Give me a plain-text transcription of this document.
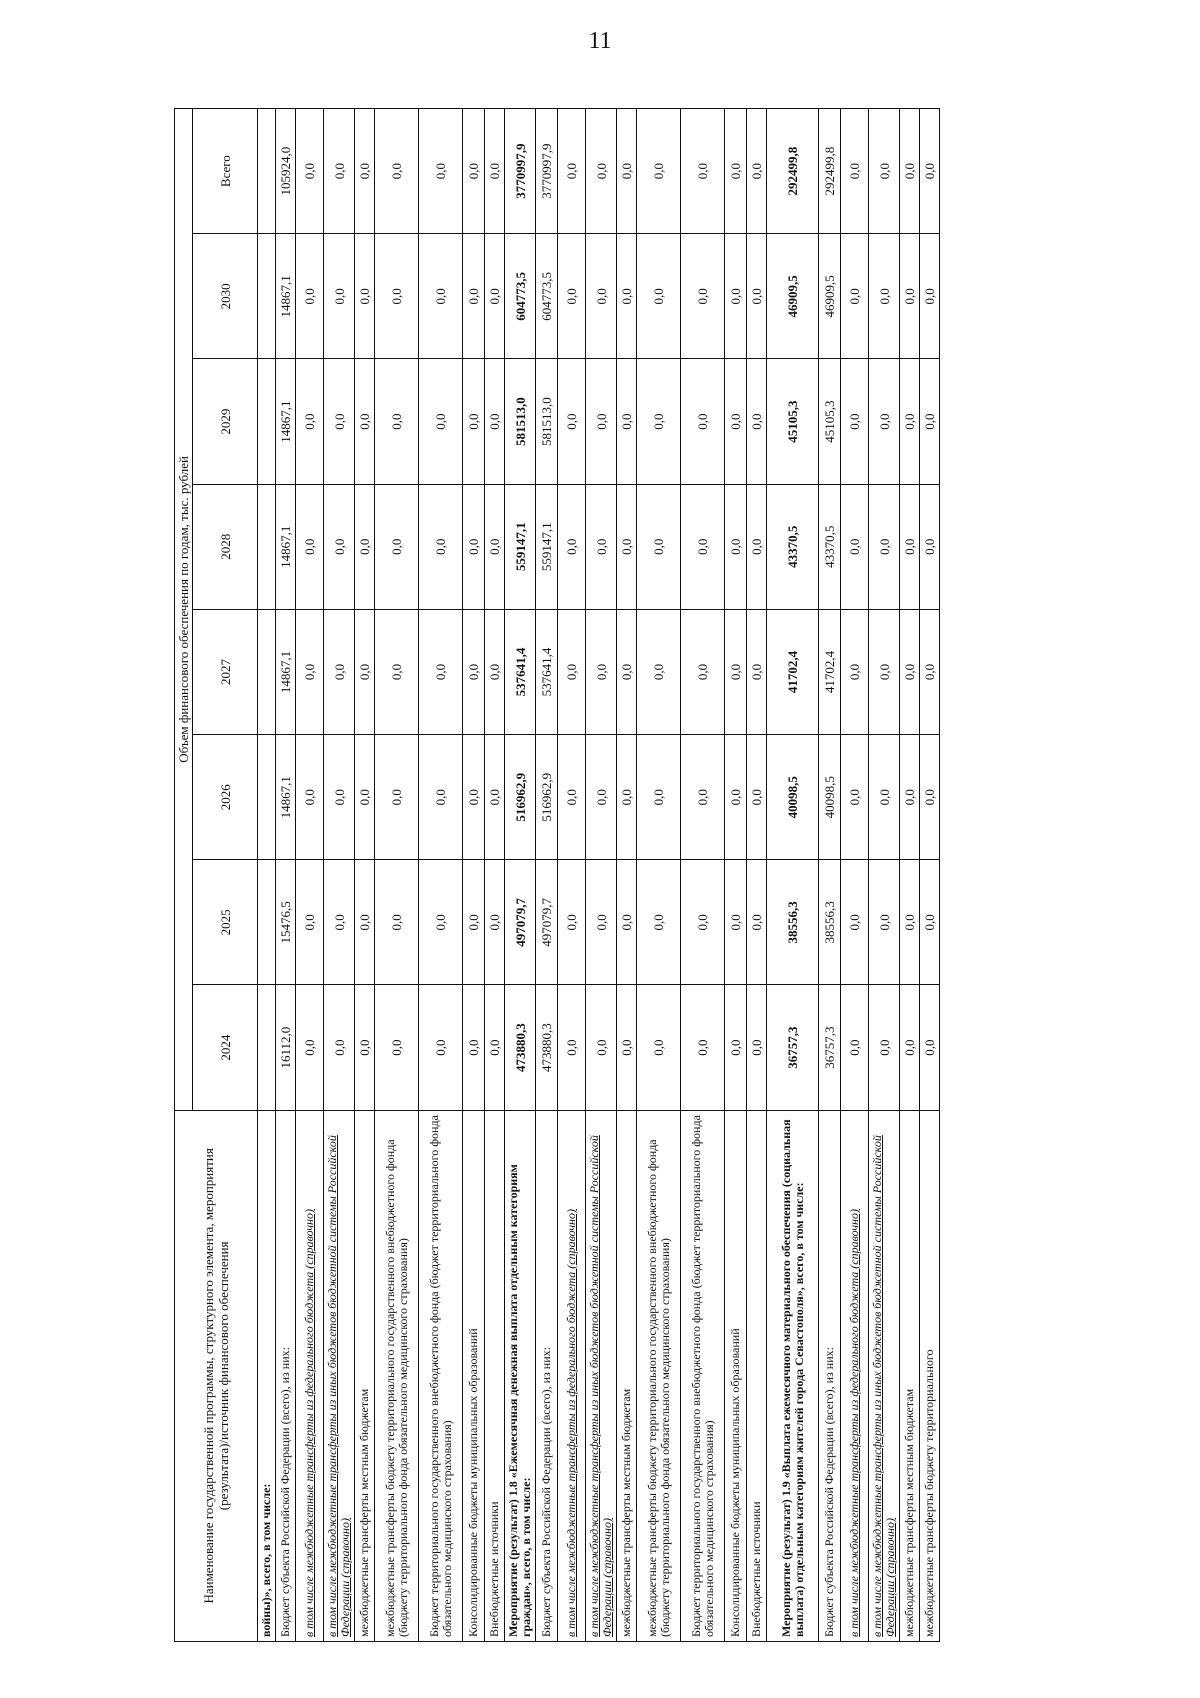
11
Наименование государственной программы, структурного элемента, мероприятия (результата)/источник финансового обеспечения	Объем финансового обеспечения по годам, тыс. рублей							
	2024	2025	2026	2027	2028	2029	2030	Всего
войны)», всего, в том числе:								
Бюджет субъекта Российской Федерации (всего), из них:	16112,0	15476,5	14867,1	14867,1	14867,1	14867,1	14867,1	105924,0
в том числе межбюджетные трансферты из федерального бюджета (справочно)	0,0	0,0	0,0	0,0	0,0	0,0	0,0	0,0
в том числе межбюджетные трансферты из иных бюджетов бюджетной системы Российской Федерации (справочно)	0,0	0,0	0,0	0,0	0,0	0,0	0,0	0,0
межбюджетные трансферты местным бюджетам	0,0	0,0	0,0	0,0	0,0	0,0	0,0	0,0
межбюджетные трансферты бюджету территориального государственного внебюджетного фонда (бюджету территориального фонда обязательного медицинского страхования)	0,0	0,0	0,0	0,0	0,0	0,0	0,0	0,0
Бюджет территориального государственного внебюджетного фонда (бюджет территориального фонда обязательного медицинского страхования)	0,0	0,0	0,0	0,0	0,0	0,0	0,0	0,0
Консолидированные бюджеты муниципальных образований	0,0	0,0	0,0	0,0	0,0	0,0	0,0	0,0
Внебюджетные источники	0,0	0,0	0,0	0,0	0,0	0,0	0,0	0,0
Мероприятие (результат) 1.8 «Ежемесячная денежная выплата отдельным категориям граждан», всего, в том числе:	473880,3	497079,7	516962,9	537641,4	559147,1	581513,0	604773,5	3770997,9
Бюджет субъекта Российской Федерации (всего), из них:	473880,3	497079,7	516962,9	537641,4	559147,1	581513,0	604773,5	3770997,9
в том числе межбюджетные трансферты из федерального бюджета (справочно)	0,0	0,0	0,0	0,0	0,0	0,0	0,0	0,0
в том числе межбюджетные трансферты из иных бюджетов бюджетной системы Российской Федерации (справочно)	0,0	0,0	0,0	0,0	0,0	0,0	0,0	0,0
межбюджетные трансферты местным бюджетам	0,0	0,0	0,0	0,0	0,0	0,0	0,0	0,0
межбюджетные трансферты бюджету территориального государственного внебюджетного фонда (бюджету территориального фонда обязательного медицинского страхования)	0,0	0,0	0,0	0,0	0,0	0,0	0,0	0,0
Бюджет территориального государственного внебюджетного фонда (бюджет территориального фонда обязательного медицинского страхования)	0,0	0,0	0,0	0,0	0,0	0,0	0,0	0,0
Консолидированные бюджеты муниципальных образований	0,0	0,0	0,0	0,0	0,0	0,0	0,0	0,0
Внебюджетные источники	0,0	0,0	0,0	0,0	0,0	0,0	0,0	0,0
Мероприятие (результат) 1.9 «Выплата ежемесячного материального обеспечения (социальная выплата) отдельным категориям жителей города Севастополя», всего, в том числе:	36757,3	38556,3	40098,5	41702,4	43370,5	45105,3	46909,5	292499,8
Бюджет субъекта Российской Федерации (всего), из них:	36757,3	38556,3	40098,5	41702,4	43370,5	45105,3	46909,5	292499,8
в том числе межбюджетные трансферты из федерального бюджета (справочно)	0,0	0,0	0,0	0,0	0,0	0,0	0,0	0,0
в том числе межбюджетные трансферты из иных бюджетов бюджетной системы Российской Федерации (справочно)	0,0	0,0	0,0	0,0	0,0	0,0	0,0	0,0
межбюджетные трансферты местным бюджетам	0,0	0,0	0,0	0,0	0,0	0,0	0,0	0,0
межбюджетные трансферты бюджету территориального	0,0	0,0	0,0	0,0	0,0	0,0	0,0	0,0
